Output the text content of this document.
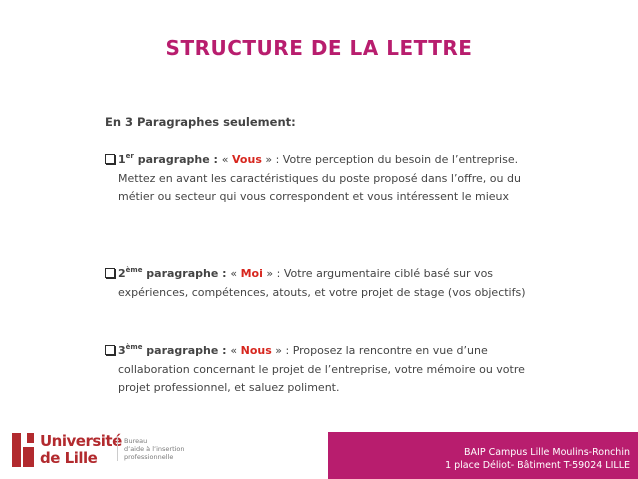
STRUCTURE DE LA LETTRE
En 3 Paragraphes seulement:
1er paragraphe : « Vous » : Votre perception du besoin de l’entreprise.
Mettez en avant les caractéristiques du poste proposé dans l’offre, ou du
métier ou secteur qui vous correspondent et vous intéressent le mieux
2ème paragraphe : « Moi » : Votre argumentaire ciblé basé sur vos
expériences, compétences, atouts, et votre projet de stage (vos objectifs)
3ème paragraphe : « Nous » : Proposez la rencontre en vue d’une
collaboration concernant le projet de l’entreprise, votre mémoire ou votre
projet professionnel, et saluez poliment.
Université
de Lille
Bureau
d’aide à l’insertion
professionnelle	BAIP Campus Lille Moulins-Ronchin
1 place Déliot- Bâtiment T-59024 LILLE
